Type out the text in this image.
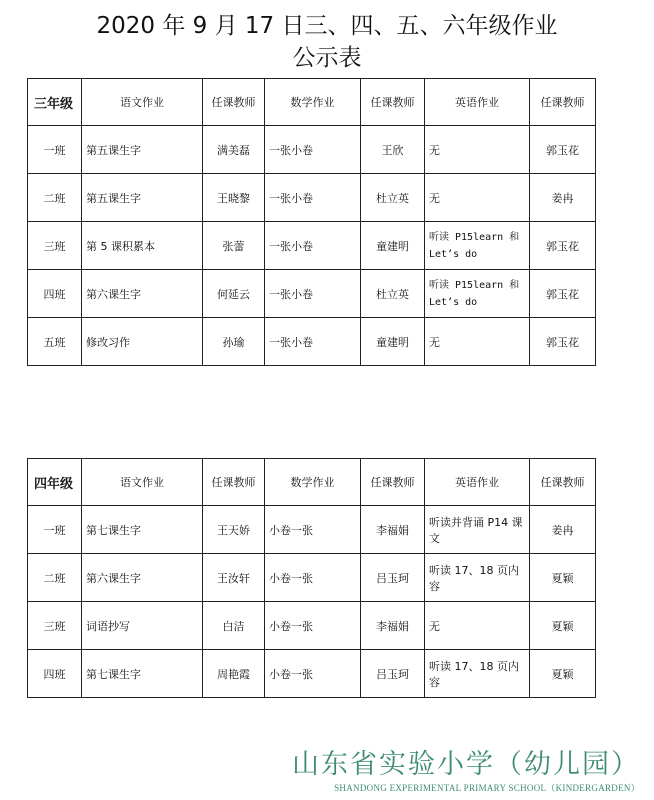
2020 年 9 月 17 日三、四、五、六年级作业
公示表
三年级	语文作业	任课教师	数学作业	任课教师	英语作业	任课教师
一班	第五课生字	满美磊	一张小卷	王欣	无	郭玉花
二班	第五课生字	王晓黎	一张小卷	杜立英	无	姜冉
三班	第 5 课积累本	张蕾	一张小卷	童建明	听读 P15learn 和 Let’s do	郭玉花
四班	第六课生字	何延云	一张小卷	杜立英	听读 P15learn 和 Let’s do	郭玉花
五班	修改习作	孙瑜	一张小卷	童建明	无	郭玉花
四年级	语文作业	任课教师	数学作业	任课教师	英语作业	任课教师
一班	第七课生字	王天娇	小卷一张	李福娟	听读并背诵 P14 课文	姜冉
二班	第六课生字	王汝轩	小卷一张	吕玉珂	听读 17、18 页内容	夏颖
三班	词语抄写	白洁	小卷一张	李福娟	无	夏颖
四班	第七课生字	周艳霞	小卷一张	吕玉珂	听读 17、18 页内容	夏颖
山东省实验小学（幼儿园）
SHANDONG EXPERIMENTAL PRIMARY SCHOOL（KINDERGARDEN）
